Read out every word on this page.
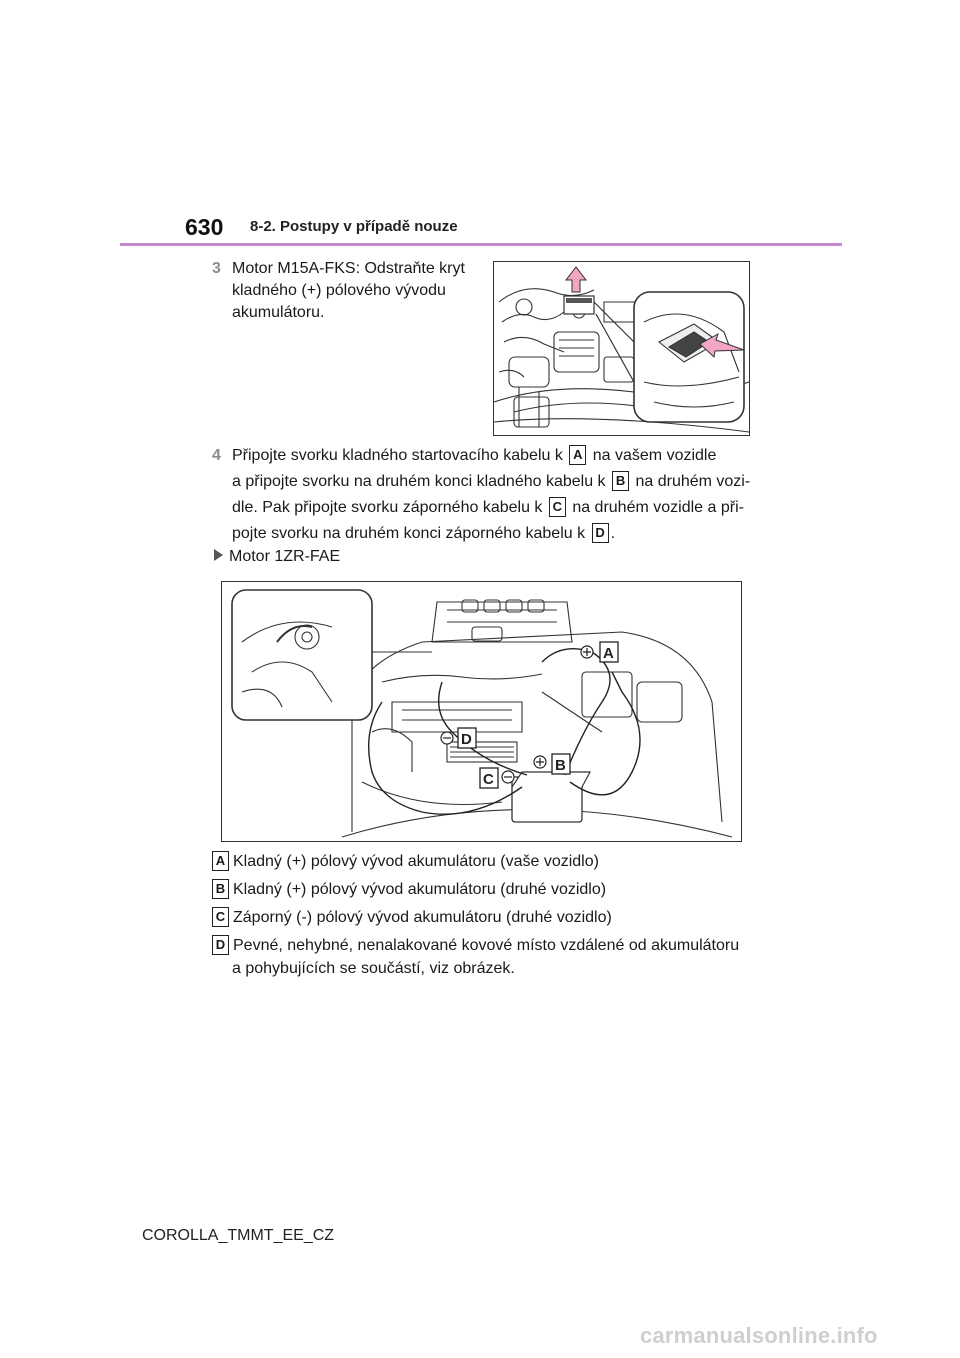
630 8-2. Postupy v případě nouze
3 Motor M15A-FKS: Odstraňte kryt kladného (+) pólového vývodu akumulátoru.
4 Připojte svorku kladného startovacího kabelu k A na vašem vozidle
a připojte svorku na druhém konci kladného kabelu k B na druhém vozi-
dle. Pak připojte svorku záporného kabelu k C na druhém vozidle a při-
pojte svorku na druhém konci záporného kabelu k D .
Motor 1ZR-FAE
A
B
C
D
A Kladný (+) pólový vývod akumulátoru (vaše vozidlo)
B Kladný (+) pólový vývod akumulátoru (druhé vozidlo)
C Záporný (-) pólový vývod akumulátoru (druhé vozidlo)
D Pevné, nehybné, nenalakované kovové místo vzdálené od akumulátoru
a pohybujících se součástí, viz obrázek.
COROLLA_TMMT_EE_CZ
carmanualsonline.info
